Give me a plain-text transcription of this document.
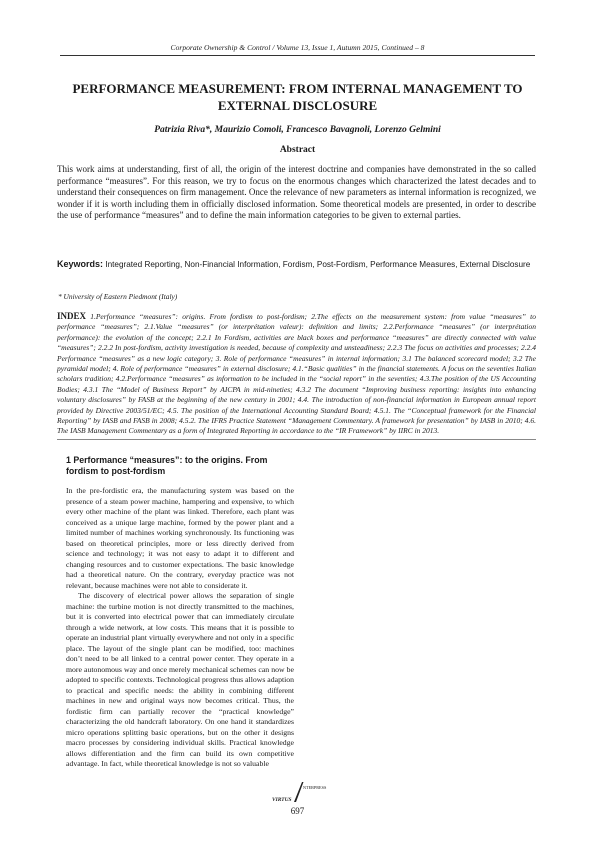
Corporate Ownership & Control / Volume 13, Issue 1, Autumn 2015, Continued – 8
PERFORMANCE MEASUREMENT: FROM INTERNAL MANAGEMENT TO EXTERNAL DISCLOSURE
Patrizia Riva*, Maurizio Comoli, Francesco Bavagnoli, Lorenzo Gelmini
Abstract

This work aims at understanding, first of all, the origin of the interest doctrine and companies have demonstrated in the so called performance “measures”. For this reason, we try to focus on the enormous changes which characterized the latest decades and to understand their consequences on firm management. Once the relevance of new parameters as internal information is recognized, we wonder if it is worth including them in officially disclosed information. Some theoretical models are presented, in order to describe the use of performance “measures” and to define the main information categories to be given to external parties.

Keywords: Integrated Reporting, Non-Financial Information, Fordism, Post-Fordism, Performance Measures, External Disclosure

* University of Eastern Piedmont (Italy)

INDEX 1.Performance “measures”: origins. From fordism to post-fordism; 2.The effects on the measurement system: from value “measures” to performance “measures”; 2.1.Value “measures” (or interprétation valeur): definition and limits; 2.2.Performance “measures” (or interprétation performance): the evolution of the concept; 2.2.1 In Fordism, activities are black boxes and performance “measures” are directly connected with value “measures”; 2.2.2 In post-fordism, activity investigation is needed, because of complexity and unsteadiness; 2.2.3 The focus on activities and processes; 2.2.4 Performance “measures” as a new logic category; 3. Role of performance “measures” in internal information; 3.1 The balanced scorecard model; 3.2 The pyramidal model; 4. Role of performance “measures” in external disclosure; 4.1.“Basic qualities” in the financial statements. A focus on the seventies Italian scholars tradition; 4.2.Performance “measures” as information to be included in the “social report” in the seventies; 4.3.The position of the US Accounting Bodies; 4.3.1 The “Model of Business Report” by AICPA in mid-nineties; 4.3.2 The document “Improving business reporting: insights into enhancing voluntary disclosures” by FASB at the beginning of the new century in 2001; 4.4. The introduction of non-financial information in European annual report provided by Directive 2003/51/EC; 4.5. The position of the International Accounting Standard Board; 4.5.1. The “Conceptual framework for the Financial Reporting” by IASB and FASB in 2008; 4.5.2. The IFRS Practice Statement “Management Commentary. A framework for presentation” by IASB in 2010; 4.6. The IASB Management Commentary as a form of Integrated Reporting in accordance to the “IR Framework” by IIRC in 2013.

1 Performance “measures”: to the origins. From fordism to post-fordism

In the pre-fordistic era, the manufacturing system was based on the presence of a steam power machine, hampering and expensive, to which every other machine of the plant was linked. Therefore, each plant was conceived as a unique large machine, formed by the power plant and a limited number of machines working synchronously. Its functioning was based on theoretical principles, more or less directly derived from science and technology; it was not easy to adapt it to different and changing resources and to customer expectations. The basic knowledge had a theoretical nature. On the contrary, everyday practice was not relevant, because machines were not able to considerate it.

The discovery of electrical power allows the separation of single machine: the turbine motion is not directly transmitted to the machines, but it is converted into electrical power that can immediately circulate through a wide network, at low costs. This means that it is possible to operate an industrial plant virtually everywhere and not only in a specific place. The layout of the single plant can be modified, too: machines don’t need to be all linked to a central power center. They operate in a more autonomous way and once merely mechanical schemes can now be adopted to specific contexts. Technological progress thus allows adaption to practical and specific needs: the ability in combining different machines in new and original ways now becomes critical. Thus, the fordistic firm can partially recover the “practical knowledge” characterizing the old handcraft laboratory. On one hand it standardizes micro operations splitting basic operations, but on the other it designs macro processes by considering individual skills. Practical knowledge allows differentiation and the firm can build its own competitive advantage. In fact, while theoretical knowledge is not so valuable

NTERPRESS
VIRTUS
697
